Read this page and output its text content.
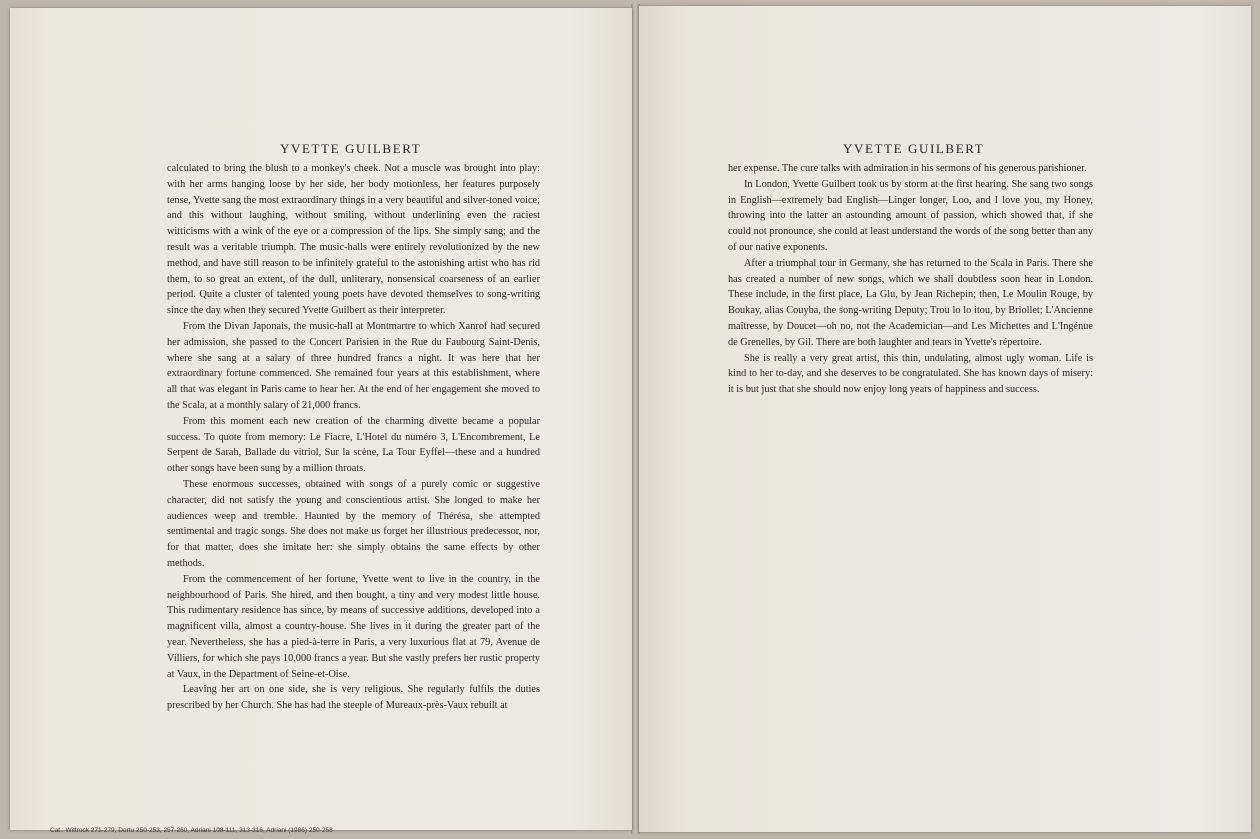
YVETTE GUILBERT

calculated to bring the blush to a monkey's cheek. Not a muscle was brought into play: with her arms hanging loose by her side, her body motionless, her features purposely tense, Yvette sang the most extraordinary things in a very beautiful and silver-toned voice; and this without laughing, without smiling, without underlining even the raciest witticisms with a wink of the eye or a compression of the lips. She simply sang; and the result was a veritable triumph. The music-halls were entirely revolutionized by the new method, and have still reason to be infinitely grateful to the astonishing artist who has rid them, to so great an extent, of the dull, unliterary, nonsensical coarseness of an earlier period. Quite a cluster of talented young poets have devoted themselves to song-writing since the day when they secured Yvette Guilbert as their interpreter.

From the Divan Japonais, the music-hall at Montmartre to which Xanrof had secured her admission, she passed to the Concert Parisien in the Rue du Faubourg Saint-Denis, where she sang at a salary of three hundred francs a night. It was here that her extraordinary fortune commenced. She remained four years at this establishment, where all that was elegant in Paris came to hear her. At the end of her engagement she moved to the Scala, at a monthly salary of 21,000 francs.

From this moment each new creation of the charming divette became a popular success. To quote from memory: Le Fiacre, L'Hotel du numéro 3, L'Encombrement, Le Serpent de Sarah, Ballade du vitriol, Sur la scène, La Tour Eyffel—these and a hundred other songs have been sung by a million throats.

These enormous successes, obtained with songs of a purely comic or suggestive character, did not satisfy the young and conscientious artist. She longed to make her audiences weep and tremble. Haunted by the memory of Thérésa, she attempted sentimental and tragic songs. She does not make us forget her illustrious predecessor, nor, for that matter, does she imitate her: she simply obtains the same effects by other methods.

From the commencement of her fortune, Yvette went to live in the country, in the neighbourhood of Paris. She hired, and then bought, a tiny and very modest little house. This rudimentary residence has since, by means of successive additions, developed into a magnificent villa, almost a country-house. She lives in it during the greater part of the year. Nevertheless, she has a pied-à-terre in Paris, a very luxurious flat at 79, Avenue de Villiers, for which she pays 10,000 francs a year. But she vastly prefers her rustic property at Vaux, in the Department of Seine-et-Oise.

Leaving her art on one side, she is very religious. She regularly fulfils the duties prescribed by her Church. She has had the steeple of Mureaux-près-Vaux rebuilt at

YVETTE GUILBERT

her expense. The cure talks with admiration in his sermons of his generous parishioner.

In London, Yvette Guilbert took us by storm at the first hearing. She sang two songs in English—extremely bad English—Linger longer, Loo, and I love you, my Honey, throwing into the latter an astounding amount of passion, which showed that, if she could not pronounce, she could at least understand the words of the song better than any of our native exponents.

After a triumphal tour in Germany, she has returned to the Scala in Paris. There she has created a number of new songs, which we shall doubtless soon hear in London. These include, in the first place, La Glu, by Jean Richepin; then, Le Moulin Rouge, by Boukay, alias Couyba, the song-writing Deputy; Trou lo lo itou, by Briollet; L'Ancienne maîtresse, by Doucet—oh no, not the Academician—and Les Michettes and L'Ingénue de Grenelles, by Gil. There are both laughter and tears in Yvette's répertoire.

She is really a very great artist, this thin, undulating, almost ugly woman. Life is kind to her to-day, and she deserves to be congratulated. She has known days of misery: it is but just that she should now enjoy long years of happiness and success.

Cat.: Wittrock 271-279, Dortu 250-253, 257-260, Adriani 108-111, 313-316, Adriani (1986) 250-258
